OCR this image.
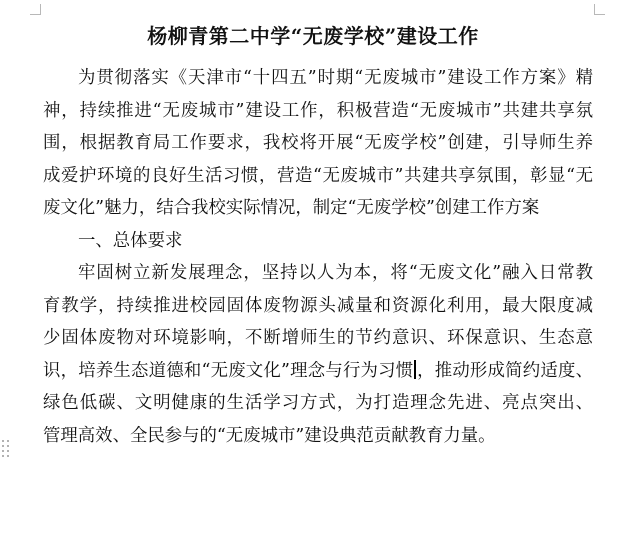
杨柳青第二中学“无废学校”建设工作
为贯彻落实《天津市“十四五”时期“无废城市”建设工作方案》精
神，持续推进“无废城市”建设工作，积极营造“无废城市”共建共享氛
围，根据教育局工作要求，我校将开展“无废学校”创建，引导师生养
成爱护环境的良好生活习惯，营造“无废城市”共建共享氛围，彰显“无
废文化”魅力，结合我校实际情况，制定“无废学校”创建工作方案
一、总体要求
牢固树立新发展理念，坚持以人为本，将“无废文化”融入日常教
育教学，持续推进校园固体废物源头减量和资源化利用，最大限度减
少固体废物对环境影响，不断增师生的节约意识、环保意识、生态意
识，培养生态道德和“无废文化”理念与行为习惯 ，推动形成简约适度、
绿色低碳、文明健康的生活学习方式，为打造理念先进、亮点突出、
管理高效、全民参与的“无废城市”建设典范贡献教育力量。
